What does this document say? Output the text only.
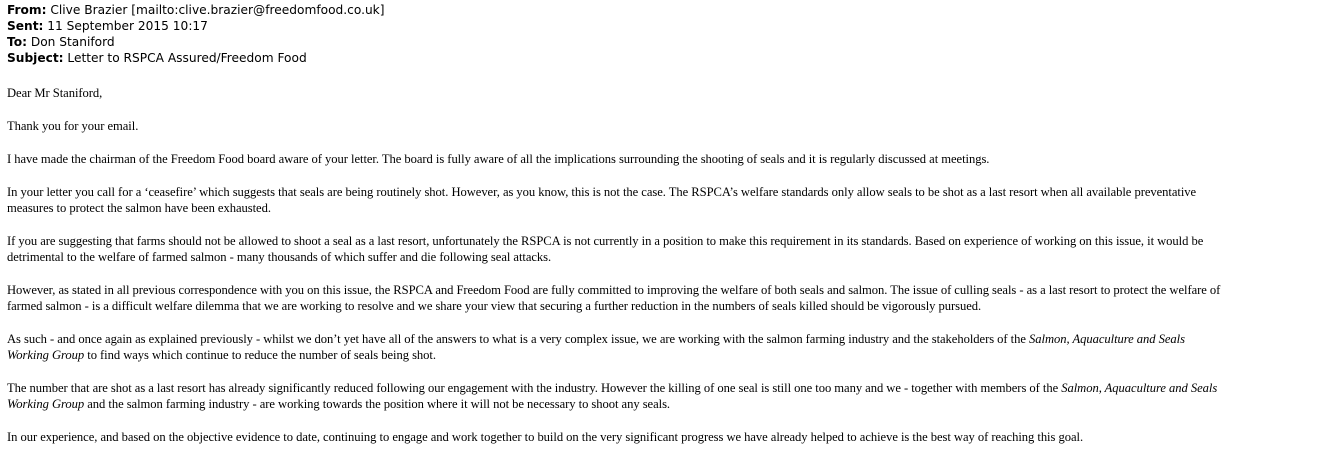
From: Clive Brazier [mailto:clive.brazier@freedomfood.co.uk]
Sent: 11 September 2015 10:17
To: Don Staniford
Subject: Letter to RSPCA Assured/Freedom Food

Dear Mr Staniford,

Thank you for your email.

I have made the chairman of the Freedom Food board aware of your letter. The board is fully aware of all the implications surrounding the shooting of seals and it is regularly discussed at meetings.

In your letter you call for a ‘ceasefire’ which suggests that seals are being routinely shot. However, as you know, this is not the case. The RSPCA’s welfare standards only allow seals to be shot as a last resort when all available preventative
measures to protect the salmon have been exhausted.
If you are suggesting that farms should not be allowed to shoot a seal as a last resort, unfortunately the RSPCA is not currently in a position to make this requirement in its standards. Based on experience of working on this issue, it would be
detrimental to the welfare of farmed salmon - many thousands of which suffer and die following seal attacks.
However, as stated in all previous correspondence with you on this issue, the RSPCA and Freedom Food are fully committed to improving the welfare of both seals and salmon. The issue of culling seals - as a last resort to protect the welfare of
farmed salmon - is a difficult welfare dilemma that we are working to resolve and we share your view that securing a further reduction in the numbers of seals killed should be vigorously pursued.
As such - and once again as explained previously - whilst we don’t yet have all of the answers to what is a very complex issue, we are working with the salmon farming industry and the stakeholders of the Salmon, Aquaculture and Seals
Working Group to find ways which continue to reduce the number of seals being shot.
The number that are shot as a last resort has already significantly reduced following our engagement with the industry. However the killing of one seal is still one too many and we - together with members of the Salmon, Aquaculture and Seals
Working Group and the salmon farming industry - are working towards the position where it will not be necessary to shoot any seals.

In our experience, and based on the objective evidence to date, continuing to engage and work together to build on the very significant progress we have already helped to achieve is the best way of reaching this goal.
